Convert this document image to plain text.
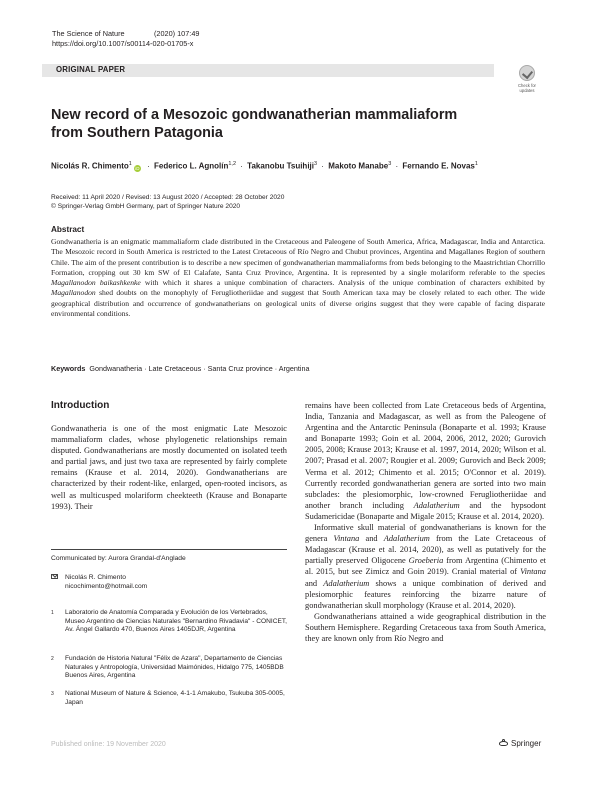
The Science of Nature	(2020) 107:49
https://doi.org/10.1007/s00114-020-01705-x
ORIGINAL PAPER
Check for
updates
New record of a Mesozoic gondwanatherian mammaliaform from Southern Patagonia
Nicolás R. Chimento$^1$iD · Federico L. Agnolín$^{1,2}$ · Takanobu Tsuihiji$^3$ · Makoto Manabe$^3$ · Fernando E. Novas$^1$
Received: 11 April 2020 / Revised: 13 August 2020 / Accepted: 28 October 2020
© Springer-Verlag GmbH Germany, part of Springer Nature 2020
Abstract
Gondwanatheria is an enigmatic mammaliaform clade distributed in the Cretaceous and Paleogene of South America, Africa, Madagascar, India and Antarctica. The Mesozoic record in South America is restricted to the Latest Cretaceous of Río Negro and Chubut provinces, Argentina and Magallanes Region of southern Chile. The aim of the present contribution is to describe a new specimen of gondwanatherian mammaliaforms from beds belonging to the Maastrichtian Chorrillo Formation, cropping out 30 km SW of El Calafate, Santa Cruz Province, Argentina. It is represented by a single molariform referable to the species Magallanodon baikashkenke with which it shares a unique combination of characters. Analysis of the unique combination of characters exhibited by Magallanodon shed doubts on the monophyly of Ferugliotheriidae and suggest that South American taxa may be closely related to each other. The wide geographical distribution and occurrence of gondwanatherians on geological units of diverse origins suggest that they were capable of facing disparate environmental conditions.
Keywords Gondwanatheria · Late Cretaceous · Santa Cruz province · Argentina
Introduction
Gondwanatheria is one of the most enigmatic Late Mesozoic mammaliaform clades, whose phylogenetic relationships remain disputed. Gondwanatherians are mostly documented on isolated teeth and partial jaws, and just two taxa are represented by fairly complete remains (Krause et al. 2014, 2020). Gondwanatherians are characterized by their rodent-like, enlarged, open-rooted incisors, as well as multicusped molariform cheekteeth (Krause and Bonaparte 1993). Their

remains have been collected from Late Cretaceous beds of Argentina, India, Tanzania and Madagascar, as well as from the Paleogene of Argentina and the Antarctic Peninsula (Bonaparte et al. 1993; Krause and Bonaparte 1993; Goin et al. 2004, 2006, 2012, 2020; Gurovich 2005, 2008; Krause 2013; Krause et al. 1997, 2014, 2020; Wilson et al. 2007; Prasad et al. 2007; Rougier et al. 2009; Gurovich and Beck 2009; Verma et al. 2012; Chimento et al. 2015; O'Connor et al. 2019). Currently recorded gondwanatherian genera are sorted into two main subclades: the plesiomorphic, low-crowned Ferugliotheriidae and another branch including Adalatherium and the hypsodont Sudamericidae (Bonaparte and Migale 2015; Krause et al. 2014, 2020).

Informative skull material of gondwanatherians is known for the genera Vintana and Adalatherium from the Late Cretaceous of Madagascar (Krause et al. 2014, 2020), as well as putatively for the partially preserved Oligocene Groeberia from Argentina (Chimento et al. 2015, but see Zimicz and Goin 2019). Cranial material of Vintana and Adalatherium shows a unique combination of derived and plesiomorphic features reinforcing the bizarre nature of gondwanatherian skull morphology (Krause et al. 2014, 2020).

Gondwanatherians attained a wide geographical distribution in the Southern Hemisphere. Regarding Cretaceous taxa from South America, they are known only from Río Negro and

Communicated by: Aurora Grandal-d'Anglade
Nicolás R. Chimento
nicochimento@hotmail.com
1 Laboratorio de Anatomía Comparada y Evolución de los Vertebrados, Museo Argentino de Ciencias Naturales "Bernardino Rivadavia" - CONICET, Av. Ángel Gallardo 470, Buenos Aires 1405DJR, Argentina
2 Fundación de Historia Natural "Félix de Azara", Departamento de Ciencias Naturales y Antropología, Universidad Maimónides, Hidalgo 775, 1405BDB Buenos Aires, Argentina
3 National Museum of Nature & Science, 4-1-1 Amakubo, Tsukuba 305-0005, Japan
Published online: 19 November 2020	Springer
